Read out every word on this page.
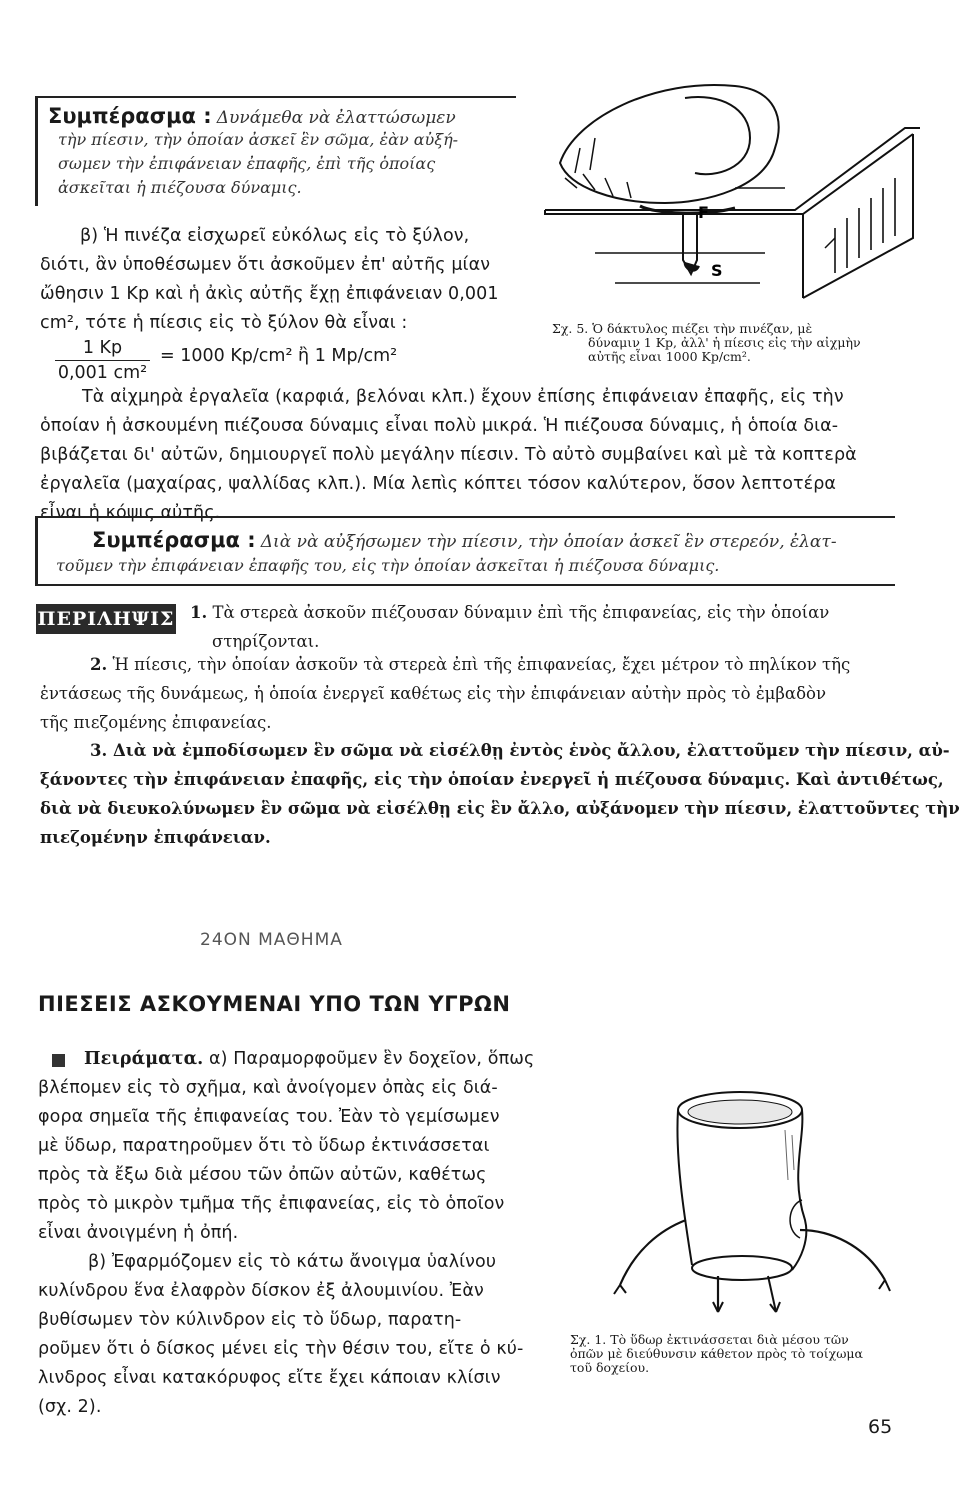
Συμπέρασμα : Δυνάμεθα νὰ ἐλαττώσωμεν
τὴν πίεσιν, τὴν ὁποίαν ἀσκεῖ ἓν σῶμα, ἐὰν αὐξή-
σωμεν τὴν ἐπιφάνειαν ἐπαφῆς, ἐπὶ τῆς ὁποίας
ἀσκεῖται ἡ πιέζουσα δύναμις.
β) Ἡ πινέζα εἰσχωρεῖ εὐκόλως εἰς τὸ ξύλον,
διότι, ἂν ὑποθέσωμεν ὅτι ἀσκοῦμεν ἐπ' αὐτῆς μίαν
ὤθησιν 1 Kp καὶ ἡ ἀκὶς αὐτῆς ἔχῃ ἐπιφάνειαν 0,001
cm², τότε ἡ πίεσις εἰς τὸ ξύλον θὰ εἶναι :
1 Kp
0,001 cm²
= 1000 Kp/cm² ἢ 1 Mp/cm²
F
S
Σχ. 5. Ὁ δάκτυλος πιέζει τὴν πινέζαν, μὲ
δύναμιν 1 Kp, ἀλλ' ἡ πίεσις εἰς τὴν αἰχμὴν
αὐτῆς εἶναι 1000 Kp/cm².
Τὰ αἰχμηρὰ ἐργαλεῖα (καρφιά, βελόναι κλπ.) ἔχουν ἐπίσης ἐπιφάνειαν ἐπαφῆς, εἰς τὴν
ὁποίαν ἡ ἀσκουμένη πιέζουσα δύναμις εἶναι πολὺ μικρά. Ἡ πιέζουσα δύναμις, ἡ ὁποία δια-
βιβάζεται δι' αὐτῶν, δημιουργεῖ πολὺ μεγάλην πίεσιν. Τὸ αὐτὸ συμβαίνει καὶ μὲ τὰ κοπτερὰ
ἐργαλεῖα (μαχαίρας, ψαλλίδας κλπ.). Μία λεπὶς κόπτει τόσον καλύτερον, ὅσον λεπτοτέρα
εἶναι ἡ κόψις αὐτῆς.
Συμπέρασμα : Διὰ νὰ αὐξήσωμεν τὴν πίεσιν, τὴν ὁποίαν ἀσκεῖ ἓν στερεόν, ἐλατ-
τοῦμεν τὴν ἐπιφάνειαν ἐπαφῆς του, εἰς τὴν ὁποίαν ἀσκεῖται ἡ πιέζουσα δύναμις.
ΠΕΡΙΛΗΨΙΣ 1. Τὰ στερεὰ ἀσκοῦν πιέζουσαν δύναμιν ἐπὶ τῆς ἐπιφανείας, εἰς τὴν ὁποίαν
στηρίζονται.
2. Ἡ πίεσις, τὴν ὁποίαν ἀσκοῦν τὰ στερεὰ ἐπὶ τῆς ἐπιφανείας, ἔχει μέτρον τὸ πηλίκον τῆς
ἐντάσεως τῆς δυνάμεως, ἡ ὁποία ἐνεργεῖ καθέτως εἰς τὴν ἐπιφάνειαν αὐτὴν πρὸς τὸ ἐμβαδὸν
τῆς πιεζομένης ἐπιφανείας.
3. Διὰ νὰ ἐμποδίσωμεν ἓν σῶμα νὰ εἰσέλθῃ ἐντὸς ἑνὸς ἄλλου, ἐλαττοῦμεν τὴν πίεσιν, αὐ-
ξάνοντες τὴν ἐπιφάνειαν ἐπαφῆς, εἰς τὴν ὁποίαν ἐνεργεῖ ἡ πιέζουσα δύναμις. Καὶ ἀντιθέτως,
διὰ νὰ διευκολύνωμεν ἓν σῶμα νὰ εἰσέλθῃ εἰς ἓν ἄλλο, αὐξάνομεν τὴν πίεσιν, ἐλαττοῦντες τὴν
πιεζομένην ἐπιφάνειαν.
24ON ΜΑΘΗΜΑ
ΠΙΕΣΕΙΣ ΑΣΚΟΥΜΕΝΑΙ ΥΠΟ ΤΩΝ ΥΓΡΩΝ
Πειράματα. α) Παραμορφοῦμεν ἓν δοχεῖον, ὅπως
βλέπομεν εἰς τὸ σχῆμα, καὶ ἀνοίγομεν ὀπὰς εἰς διά-
φορα σημεῖα τῆς ἐπιφανείας του. Ἐὰν τὸ γεμίσωμεν
μὲ ὕδωρ, παρατηροῦμεν ὅτι τὸ ὕδωρ ἐκτινάσσεται
πρὸς τὰ ἔξω διὰ μέσου τῶν ὀπῶν αὐτῶν, καθέτως
πρὸς τὸ μικρὸν τμῆμα τῆς ἐπιφανείας, εἰς τὸ ὁποῖον
εἶναι ἀνοιγμένη ἡ ὀπή.
β) Ἐφαρμόζομεν εἰς τὸ κάτω ἄνοιγμα ὑαλίνου
κυλίνδρου ἕνα ἐλαφρὸν δίσκον ἐξ ἀλουμινίου. Ἐὰν
βυθίσωμεν τὸν κύλινδρον εἰς τὸ ὕδωρ, παρατη-
ροῦμεν ὅτι ὁ δίσκος μένει εἰς τὴν θέσιν του, εἴτε ὁ κύ-
λινδρος εἶναι κατακόρυφος εἴτε ἔχει κάποιαν κλίσιν
(σχ. 2).
Σχ. 1. Τὸ ὕδωρ ἐκτινάσσεται διὰ μέσου τῶν
ὀπῶν μὲ διεύθυνσιν κάθετον πρὸς τὸ τοίχωμα
τοῦ δοχείου.
65
